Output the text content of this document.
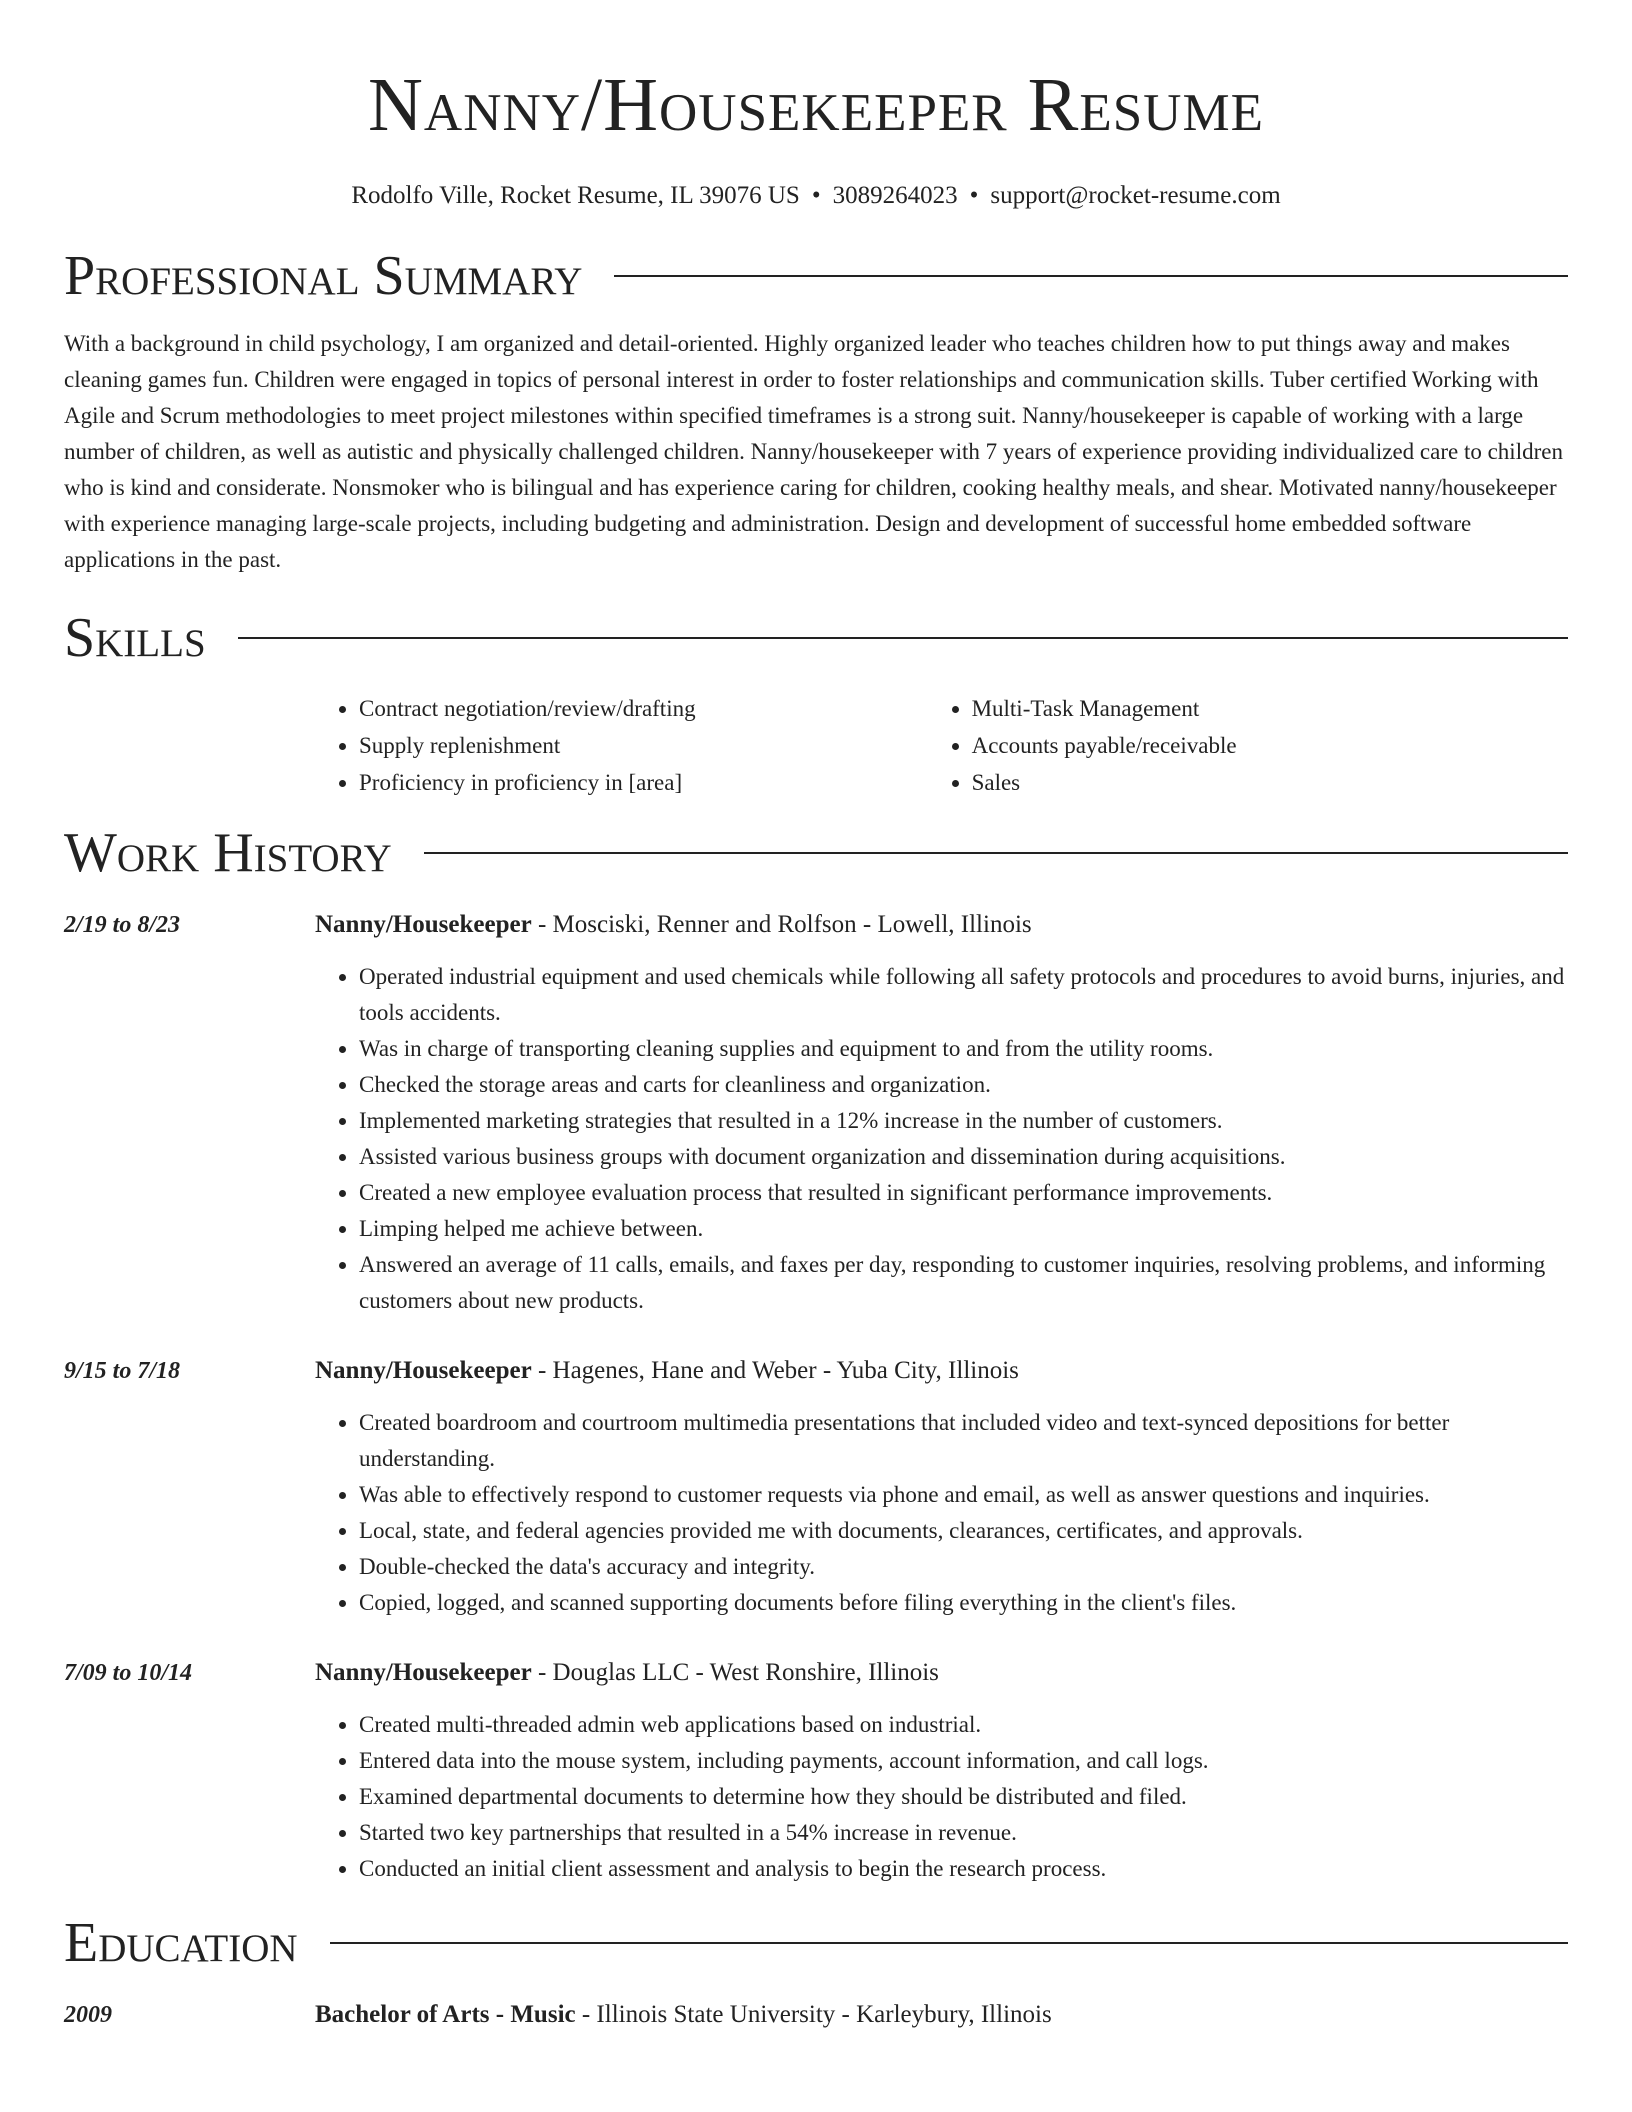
Nanny/Housekeeper Resume
Rodolfo Ville, Rocket Resume, IL 39076 US • 3089264023 • support@rocket-resume.com
Professional Summary

With a background in child psychology, I am organized and detail-oriented. Highly organized leader who teaches children how to put things away and makes cleaning games fun. Children were engaged in topics of personal interest in order to foster relationships and communication skills. Tuber certified Working with Agile and Scrum methodologies to meet project milestones within specified timeframes is a strong suit. Nanny/housekeeper is capable of working with a large number of children, as well as autistic and physically challenged children. Nanny/housekeeper with 7 years of experience providing individualized care to children who is kind and considerate. Nonsmoker who is bilingual and has experience caring for children, cooking healthy meals, and shear. Motivated nanny/housekeeper with experience managing large-scale projects, including budgeting and administration. Design and development of successful home embedded software applications in the past.

Skills
• Contract negotiation/review/drafting
• Supply replenishment
• Proficiency in proficiency in [area]
• Multi-Task Management
• Accounts payable/receivable
• Sales
Work History
2/19 to 8/23	Nanny/Housekeeper - Mosciski, Renner and Rolfson - Lowell, Illinois
• Operated industrial equipment and used chemicals while following all safety protocols and procedures to avoid burns, injuries, and tools accidents.
• Was in charge of transporting cleaning supplies and equipment to and from the utility rooms.
• Checked the storage areas and carts for cleanliness and organization.
• Implemented marketing strategies that resulted in a 12% increase in the number of customers.
• Assisted various business groups with document organization and dissemination during acquisitions.
• Created a new employee evaluation process that resulted in significant performance improvements.
• Limping helped me achieve between.
• Answered an average of 11 calls, emails, and faxes per day, responding to customer inquiries, resolving problems, and informing customers about new products.
9/15 to 7/18	Nanny/Housekeeper - Hagenes, Hane and Weber - Yuba City, Illinois
• Created boardroom and courtroom multimedia presentations that included video and text-synced depositions for better understanding.
• Was able to effectively respond to customer requests via phone and email, as well as answer questions and inquiries.
• Local, state, and federal agencies provided me with documents, clearances, certificates, and approvals.
• Double-checked the data's accuracy and integrity.
• Copied, logged, and scanned supporting documents before filing everything in the client's files.
7/09 to 10/14	Nanny/Housekeeper - Douglas LLC - West Ronshire, Illinois
• Created multi-threaded admin web applications based on industrial.
• Entered data into the mouse system, including payments, account information, and call logs.
• Examined departmental documents to determine how they should be distributed and filed.
• Started two key partnerships that resulted in a 54% increase in revenue.
• Conducted an initial client assessment and analysis to begin the research process.
Education
2009	Bachelor of Arts - Music - Illinois State University - Karleybury, Illinois
